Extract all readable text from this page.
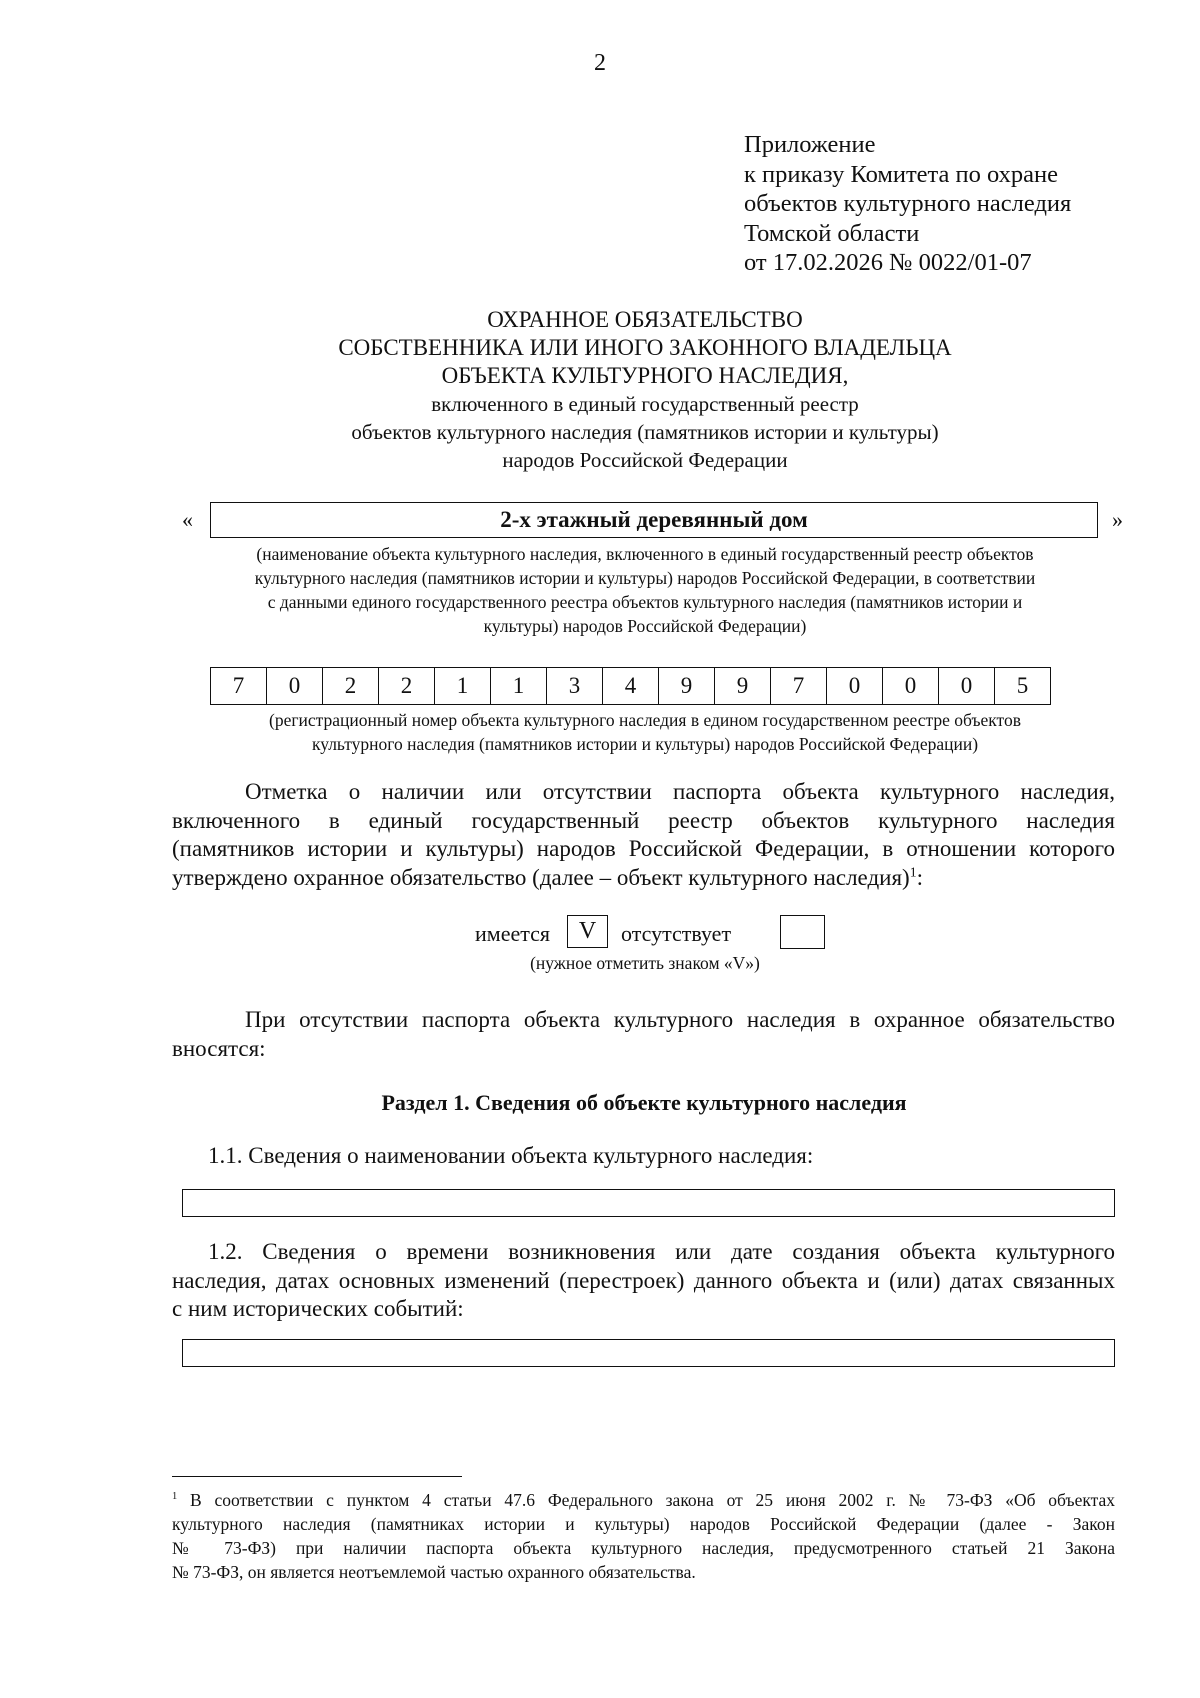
2
Приложение
к приказу Комитета по охране
объектов культурного наследия
Томской области
от 17.02.2026 № 0022/01-07
ОХРАННОЕ ОБЯЗАТЕЛЬСТВО
СОБСТВЕННИКА ИЛИ ИНОГО ЗАКОННОГО ВЛАДЕЛЬЦА
ОБЪЕКТА КУЛЬТУРНОГО НАСЛЕДИЯ,
включенного в единый государственный реестр
объектов культурного наследия (памятников истории и культуры)
народов Российской Федерации
«	2-х этажный деревянный дом	»
(наименование объекта культурного наследия, включенного в единый государственный реестр объектов
культурного наследия (памятников истории и культуры) народов Российской Федерации, в соответствии
с данными единого государственного реестра объектов культурного наследия (памятников истории и
культуры) народов Российской Федерации)
7	0	2	2	1	1	3	4	9	9	7	0	0	0	5
(регистрационный номер объекта культурного наследия в едином государственном реестре объектов
культурного наследия (памятников истории и культуры) народов Российской Федерации)
Отметка о наличии или отсутствии паспорта объекта культурного наследия,
включенного в единый государственный реестр объектов культурного наследия
(памятников истории и культуры) народов Российской Федерации, в отношении которого
утверждено охранное обязательство (далее – объект культурного наследия)$^1$:
имеется	V	отсутствует
(нужное отметить знаком «V»)
При отсутствии паспорта объекта культурного наследия в охранное обязательство
вносятся:
Раздел 1. Сведения об объекте культурного наследия
1.1. Сведения о наименовании объекта культурного наследия:
1.2. Сведения о времени возникновения или дате создания объекта культурного
наследия, датах основных изменений (перестроек) данного объекта и (или) датах связанных
с ним исторических событий:
$^1$ В соответствии с пунктом 4 статьи 47.6 Федерального закона от 25 июня 2002 г. № 73-ФЗ «Об объектах
культурного наследия (памятниках истории и культуры) народов Российской Федерации (далее - Закон
№ 73-ФЗ) при наличии паспорта объекта культурного наследия, предусмотренного статьей 21 Закона
№ 73-ФЗ, он является неотъемлемой частью охранного обязательства.
